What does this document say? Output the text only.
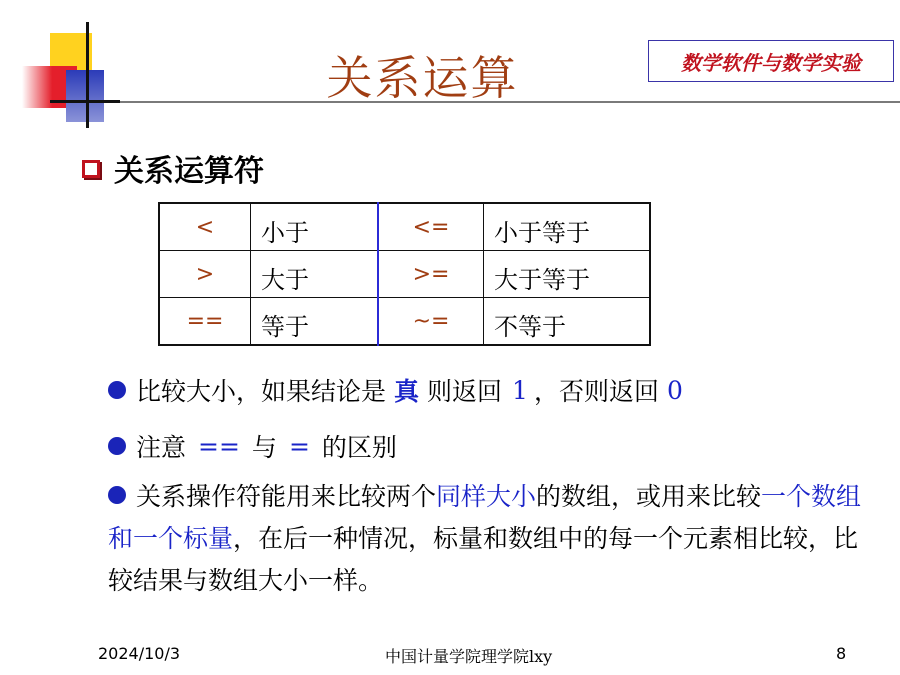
关系运算	数学软件与数学实验
关系运算符
<	小于	<=	小于等于
>	大于	>=	大于等于
==	等于	~=	不等于
比较大小，如果结论是 真 则返回 1 ，否则返回 0
注意 == 与 = 的区别
关系操作符能用来比较两个同样大小的数组，或用来比较一个数组和一个标量，在后一种情况，标量和数组中的每一个元素相比较，比较结果与数组大小一样。
2024/10/3	中国计量学院理学院lxy	8
